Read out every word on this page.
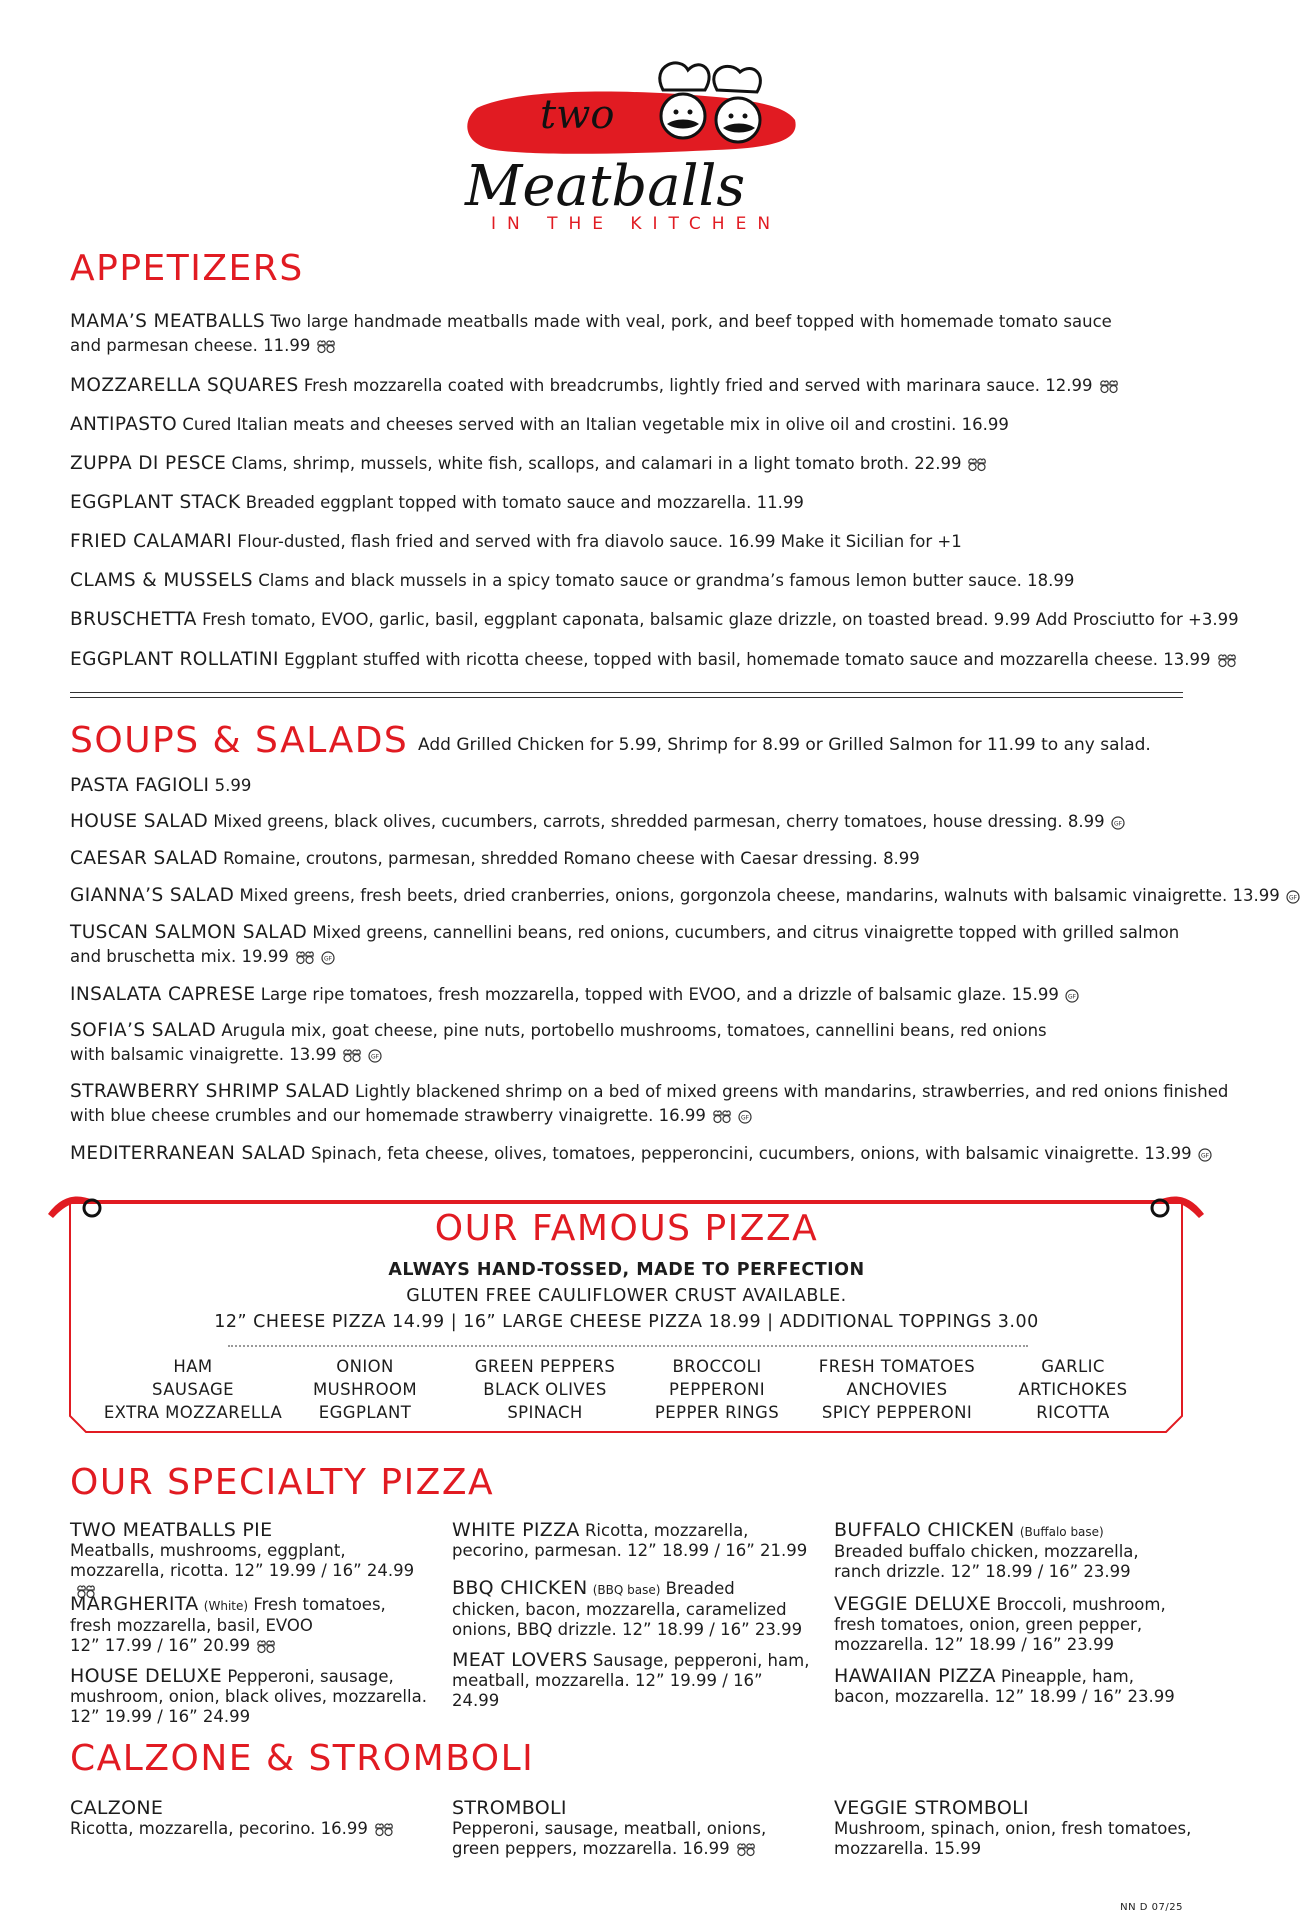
two
Meatballs
IN THE KITCHEN
APPETIZERS
MAMA’S MEATBALLS Two large handmade meatballs made with veal, pork, and beef topped with homemade tomato sauce
and parmesan cheese. 11.99
MOZZARELLA SQUARES Fresh mozzarella coated with breadcrumbs, lightly fried and served with marinara sauce. 12.99
ANTIPASTO Cured Italian meats and cheeses served with an Italian vegetable mix in olive oil and crostini. 16.99
ZUPPA DI PESCE Clams, shrimp, mussels, white fish, scallops, and calamari in a light tomato broth. 22.99
EGGPLANT STACK Breaded eggplant topped with tomato sauce and mozzarella. 11.99
FRIED CALAMARI Flour-dusted, flash fried and served with fra diavolo sauce. 16.99 Make it Sicilian for +1
CLAMS & MUSSELS Clams and black mussels in a spicy tomato sauce or grandma’s famous lemon butter sauce. 18.99
BRUSCHETTA Fresh tomato, EVOO, garlic, basil, eggplant caponata, balsamic glaze drizzle, on toasted bread. 9.99 Add Prosciutto for +3.99
EGGPLANT ROLLATINI Eggplant stuffed with ricotta cheese, topped with basil, homemade tomato sauce and mozzarella cheese. 13.99
SOUPS & SALADS Add Grilled Chicken for 5.99, Shrimp for 8.99 or Grilled Salmon for 11.99 to any salad.
PASTA FAGIOLI 5.99
HOUSE SALAD Mixed greens, black olives, cucumbers, carrots, shredded parmesan, cherry tomatoes, house dressing. 8.99 GF
CAESAR SALAD Romaine, croutons, parmesan, shredded Romano cheese with Caesar dressing. 8.99
GIANNA’S SALAD Mixed greens, fresh beets, dried cranberries, onions, gorgonzola cheese, mandarins, walnuts with balsamic vinaigrette. 13.99 GF
TUSCAN SALMON SALAD Mixed greens, cannellini beans, red onions, cucumbers, and citrus vinaigrette topped with grilled salmon
and bruschetta mix. 19.99	GF
INSALATA CAPRESE Large ripe tomatoes, fresh mozzarella, topped with EVOO, and a drizzle of balsamic glaze. 15.99 GF
SOFIA’S SALAD Arugula mix, goat cheese, pine nuts, portobello mushrooms, tomatoes, cannellini beans, red onions
with balsamic vinaigrette. 13.99	GF
STRAWBERRY SHRIMP SALAD Lightly blackened shrimp on a bed of mixed greens with mandarins, strawberries, and red onions finished
with blue cheese crumbles and our homemade strawberry vinaigrette. 16.99	GF
MEDITERRANEAN SALAD Spinach, feta cheese, olives, tomatoes, pepperoncini, cucumbers, onions, with balsamic vinaigrette. 13.99 GF
OUR FAMOUS PIZZA
ALWAYS HAND-TOSSED, MADE TO PERFECTION
GLUTEN FREE CAULIFLOWER CRUST AVAILABLE.
12” CHEESE PIZZA 14.99 | 16” LARGE CHEESE PIZZA 18.99 | ADDITIONAL TOPPINGS 3.00
HAM
SAUSAGE
EXTRA MOZZARELLA
ONION
MUSHROOM
EGGPLANT
GREEN PEPPERS
BLACK OLIVES
SPINACH
BROCCOLI
PEPPERONI
PEPPER RINGS
FRESH TOMATOES
ANCHOVIES
SPICY PEPPERONI
GARLIC
ARTICHOKES
RICOTTA
OUR SPECIALTY PIZZA
TWO MEATBALLS PIE
Meatballs, mushrooms, eggplant,
mozzarella, ricotta. 12” 19.99 / 16” 24.99
MARGHERITA (White) Fresh tomatoes,
fresh mozzarella, basil, EVOO
12” 17.99 / 16” 20.99
HOUSE DELUXE Pepperoni, sausage,
mushroom, onion, black olives, mozzarella.
12” 19.99 / 16” 24.99
WHITE PIZZA Ricotta, mozzarella,
pecorino, parmesan. 12” 18.99 / 16” 21.99
BBQ CHICKEN (BBQ base) Breaded
chicken, bacon, mozzarella, caramelized
onions, BBQ drizzle. 12” 18.99 / 16” 23.99
MEAT LOVERS Sausage, pepperoni, ham,
meatball, mozzarella. 12” 19.99 / 16” 24.99
BUFFALO CHICKEN (Buffalo base)
Breaded buffalo chicken, mozzarella,
ranch drizzle. 12” 18.99 / 16” 23.99
VEGGIE DELUXE Broccoli, mushroom,
fresh tomatoes, onion, green pepper,
mozzarella. 12” 18.99 / 16” 23.99
HAWAIIAN PIZZA Pineapple, ham,
bacon, mozzarella. 12” 18.99 / 16” 23.99
CALZONE & STROMBOLI
CALZONE
Ricotta, mozzarella, pecorino. 16.99
STROMBOLI
Pepperoni, sausage, meatball, onions,
green peppers, mozzarella. 16.99
VEGGIE STROMBOLI
Mushroom, spinach, onion, fresh tomatoes,
mozzarella. 15.99
NN D 07/25
